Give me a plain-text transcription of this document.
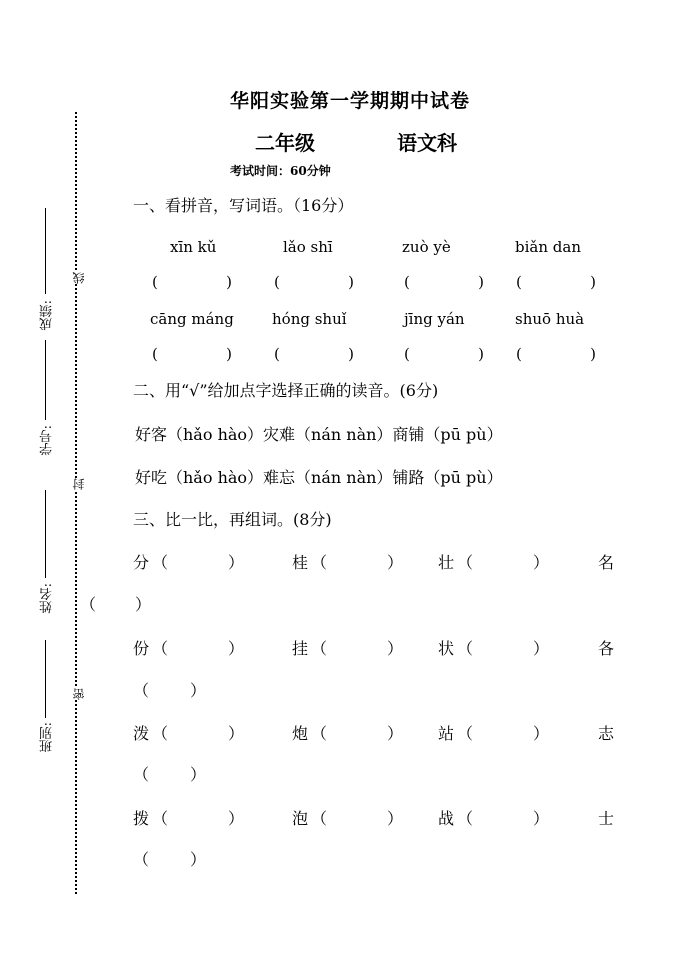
班别:
姓名:
学号:
成绩:
密
封
线
华阳实验第一学期期中试卷
二年级	语文科
考试时间：60分钟
一、看拼音，写词语。（16分）
xīn kǔ	lǎo shī	zuò yè	biǎn dan
(	)	(	)	(	) (	)
cāng máng	hóng shuǐ	jīng yán	shuō huà
(	)	(	)	(	) (	)
二、用“√”给加点字选择正确的读音。(6分)
好客（hǎo hào）灾难（nán nàn）商铺（pū pù）
好吃（hǎo hào）难忘（nán nàn）铺路（pū pù）
三、比一比，再组词。(8分)
分 （	）	桂 （	） 壮 （	）	名
（ ）
份 （	）	挂 （	） 状 （	）	各
（	）
泼 （	）	炮 （	） 站 （	）	志
（	）
拨 （	）	泡 （	） 战 （	）	士
（	）
